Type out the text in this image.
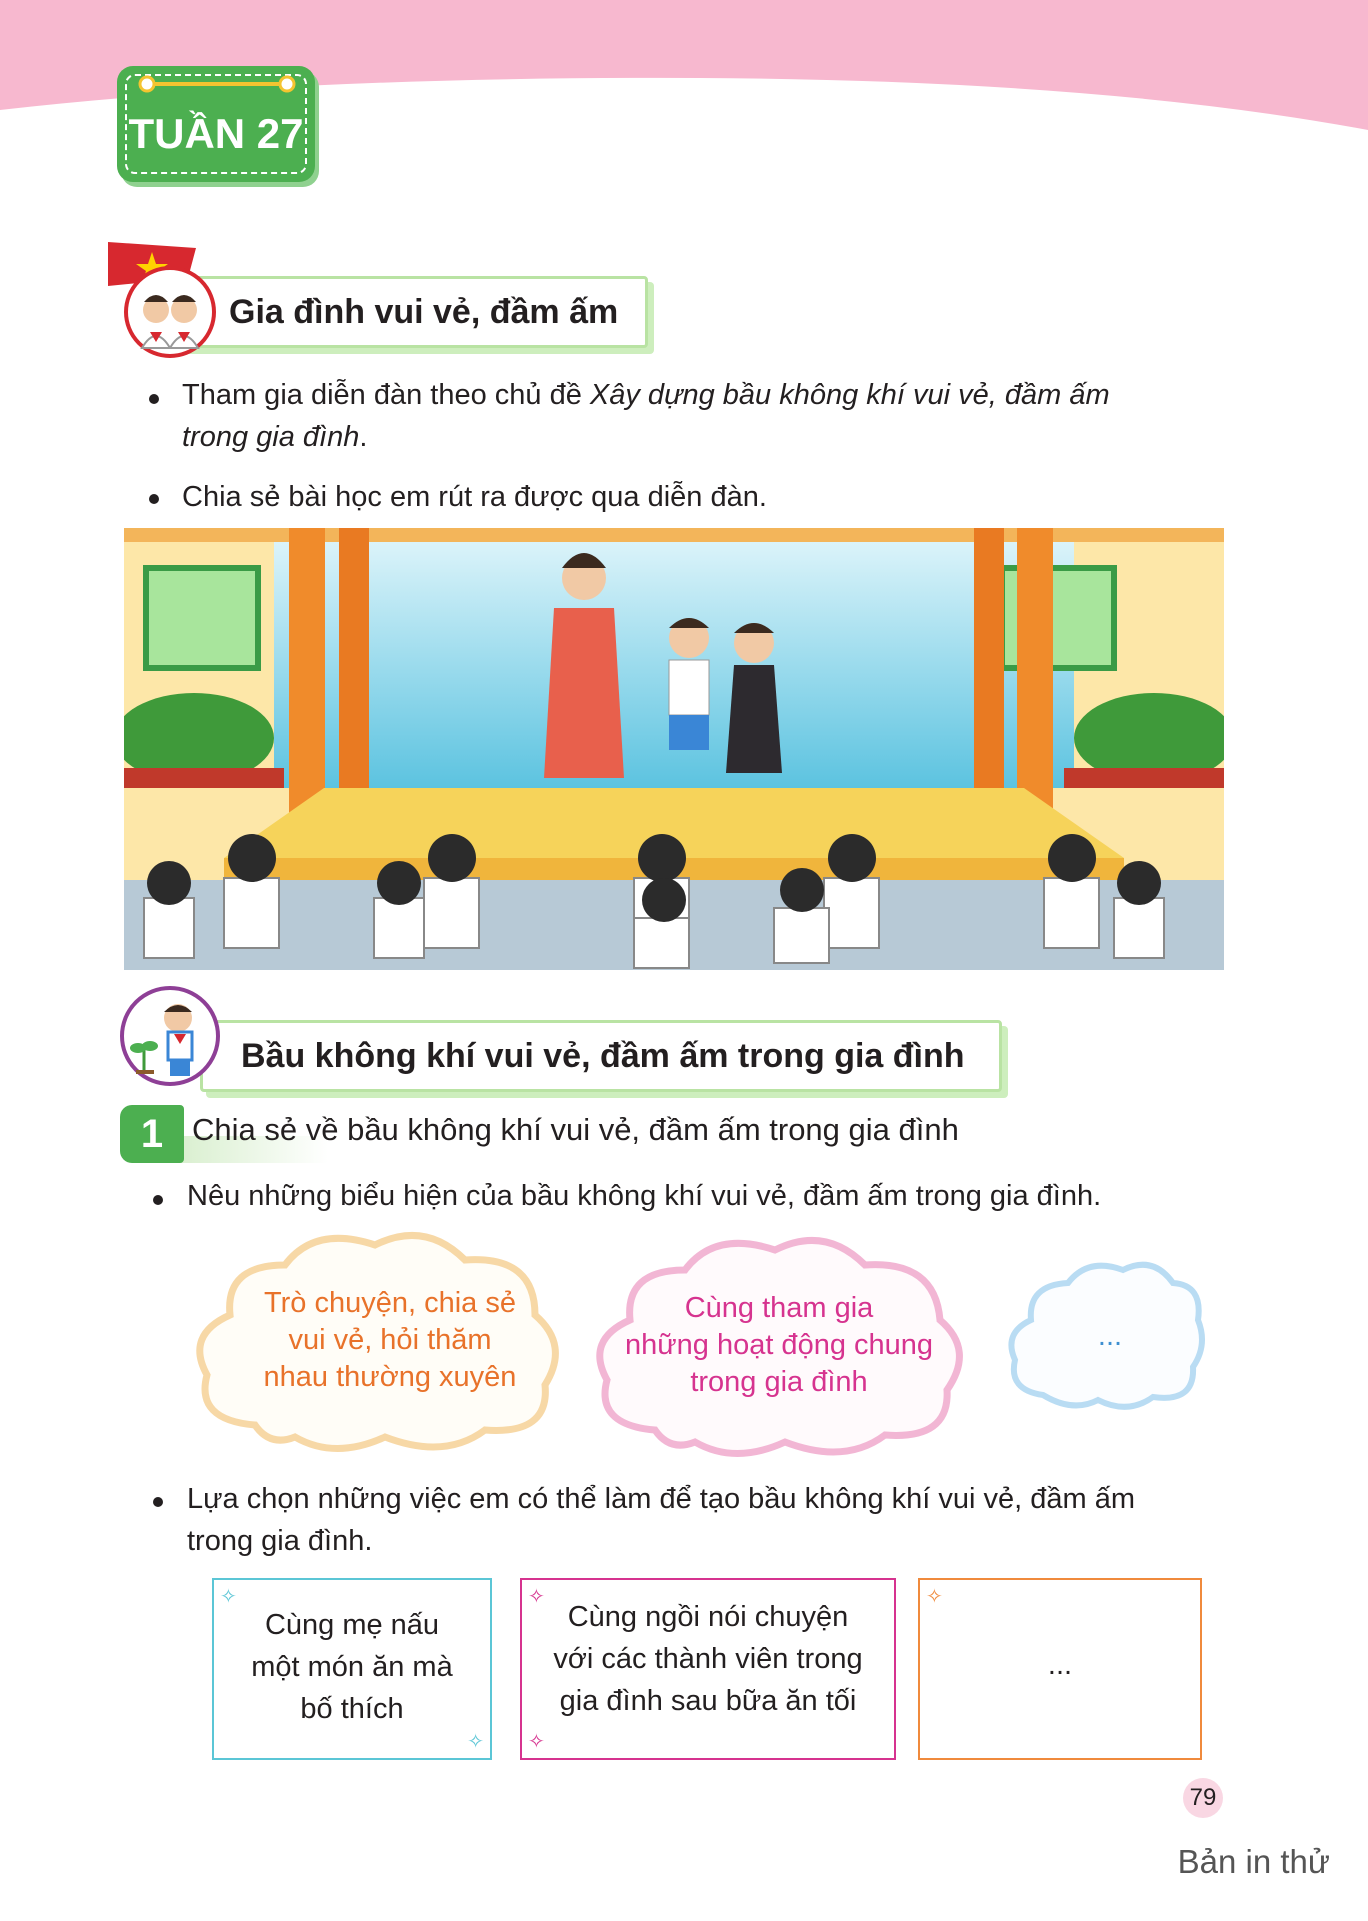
TUẦN 27
Gia đình vui vẻ, đầm ấm
Tham gia diễn đàn theo chủ đề Xây dựng bầu không khí vui vẻ, đầm ấm
trong gia đình.
Chia sẻ bài học em rút ra được qua diễn đàn.
Bầu không khí vui vẻ, đầm ấm trong gia đình
1 Chia sẻ về bầu không khí vui vẻ, đầm ấm trong gia đình
Nêu những biểu hiện của bầu không khí vui vẻ, đầm ấm trong gia đình.
Trò chuyện, chia sẻ
vui vẻ, hỏi thăm
nhau thường xuyên
Cùng tham gia
những hoạt động chung
trong gia đình
...
Lựa chọn những việc em có thể làm để tạo bầu không khí vui vẻ, đầm ấm
trong gia đình.
Cùng mẹ nấu
một món ăn mà
bố thích
✧
✧
Cùng ngồi nói chuyện
với các thành viên trong
gia đình sau bữa ăn tối
✧
✧
...
✧
79
Bản in thử
